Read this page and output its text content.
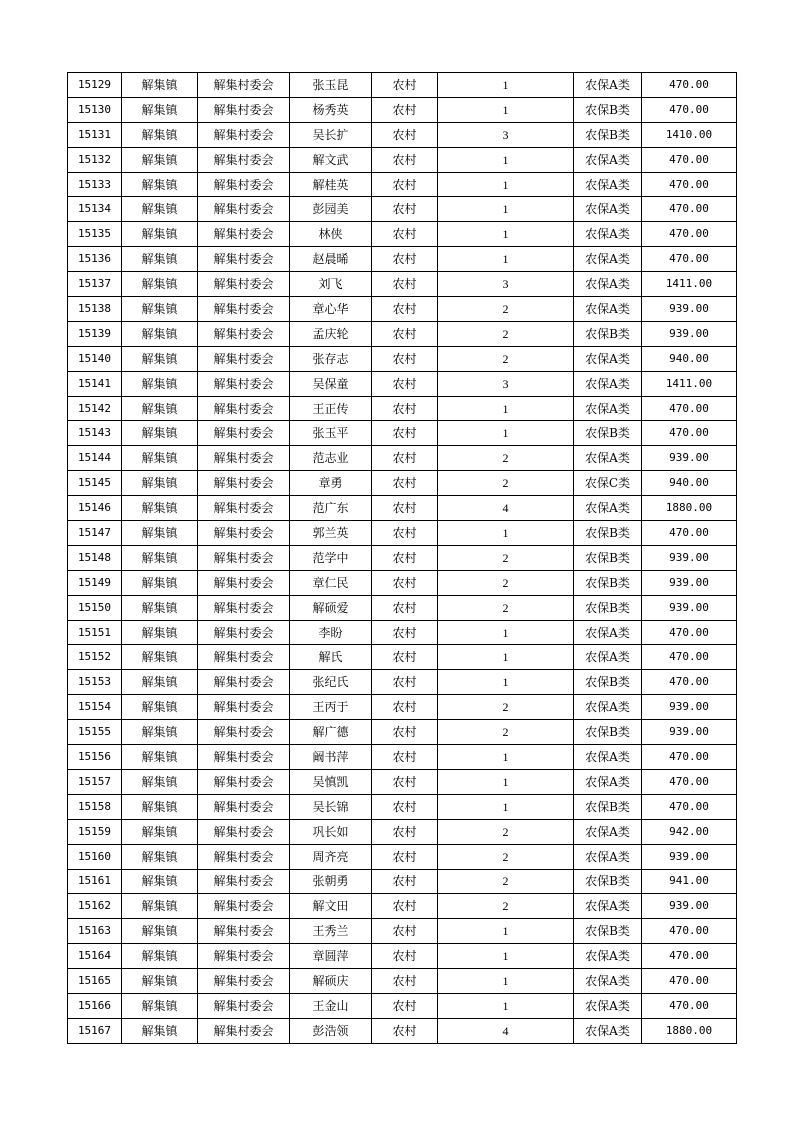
15129	解集镇	解集村委会	张玉昆	农村	1	农保A类	470.00
15130	解集镇	解集村委会	杨秀英	农村	1	农保B类	470.00
15131	解集镇	解集村委会	吴长扩	农村	3	农保B类	1410.00
15132	解集镇	解集村委会	解文武	农村	1	农保A类	470.00
15133	解集镇	解集村委会	解桂英	农村	1	农保A类	470.00
15134	解集镇	解集村委会	彭园美	农村	1	农保A类	470.00
15135	解集镇	解集村委会	林侠	农村	1	农保A类	470.00
15136	解集镇	解集村委会	赵晨晞	农村	1	农保A类	470.00
15137	解集镇	解集村委会	刘飞	农村	3	农保A类	1411.00
15138	解集镇	解集村委会	章心华	农村	2	农保A类	939.00
15139	解集镇	解集村委会	孟庆轮	农村	2	农保B类	939.00
15140	解集镇	解集村委会	张存志	农村	2	农保A类	940.00
15141	解集镇	解集村委会	吴保童	农村	3	农保A类	1411.00
15142	解集镇	解集村委会	王正传	农村	1	农保A类	470.00
15143	解集镇	解集村委会	张玉平	农村	1	农保B类	470.00
15144	解集镇	解集村委会	范志业	农村	2	农保A类	939.00
15145	解集镇	解集村委会	章勇	农村	2	农保C类	940.00
15146	解集镇	解集村委会	范广东	农村	4	农保A类	1880.00
15147	解集镇	解集村委会	郭兰英	农村	1	农保B类	470.00
15148	解集镇	解集村委会	范学中	农村	2	农保B类	939.00
15149	解集镇	解集村委会	章仁民	农村	2	农保B类	939.00
15150	解集镇	解集村委会	解硕爱	农村	2	农保B类	939.00
15151	解集镇	解集村委会	李盼	农村	1	农保A类	470.00
15152	解集镇	解集村委会	解氏	农村	1	农保A类	470.00
15153	解集镇	解集村委会	张纪氏	农村	1	农保B类	470.00
15154	解集镇	解集村委会	王丙于	农村	2	农保A类	939.00
15155	解集镇	解集村委会	解广德	农村	2	农保B类	939.00
15156	解集镇	解集村委会	阚书萍	农村	1	农保A类	470.00
15157	解集镇	解集村委会	吴慎凯	农村	1	农保A类	470.00
15158	解集镇	解集村委会	吴长锦	农村	1	农保B类	470.00
15159	解集镇	解集村委会	巩长如	农村	2	农保A类	942.00
15160	解集镇	解集村委会	周齐亮	农村	2	农保A类	939.00
15161	解集镇	解集村委会	张朝勇	农村	2	农保B类	941.00
15162	解集镇	解集村委会	解文田	农村	2	农保A类	939.00
15163	解集镇	解集村委会	王秀兰	农村	1	农保B类	470.00
15164	解集镇	解集村委会	章圆萍	农村	1	农保A类	470.00
15165	解集镇	解集村委会	解硕庆	农村	1	农保A类	470.00
15166	解集镇	解集村委会	王金山	农村	1	农保A类	470.00
15167	解集镇	解集村委会	彭浩领	农村	4	农保A类	1880.00
